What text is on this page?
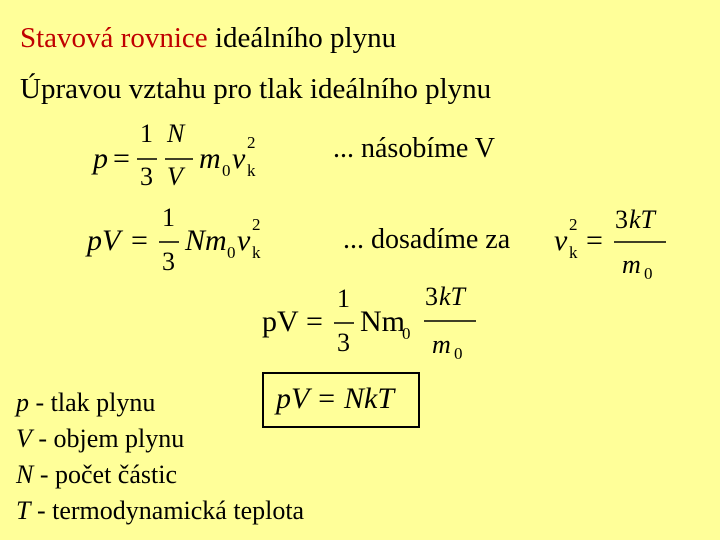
Stavová rovnice ideálního plynu
Úpravou vztahu pro tlak ideálního plynu
p =
1
3
N
V
m 0 v 2
k
... násobíme V
pV =
1
3
Nm 0 v 2
k	... dosadíme za v 2
k =
3 kT
m 0
pV =
1
3
Nm
0
3 kT
m 0
pV = NkT
p - tlak plynu
V - objem plynu
N - počet částic
T - termodynamická teplota
